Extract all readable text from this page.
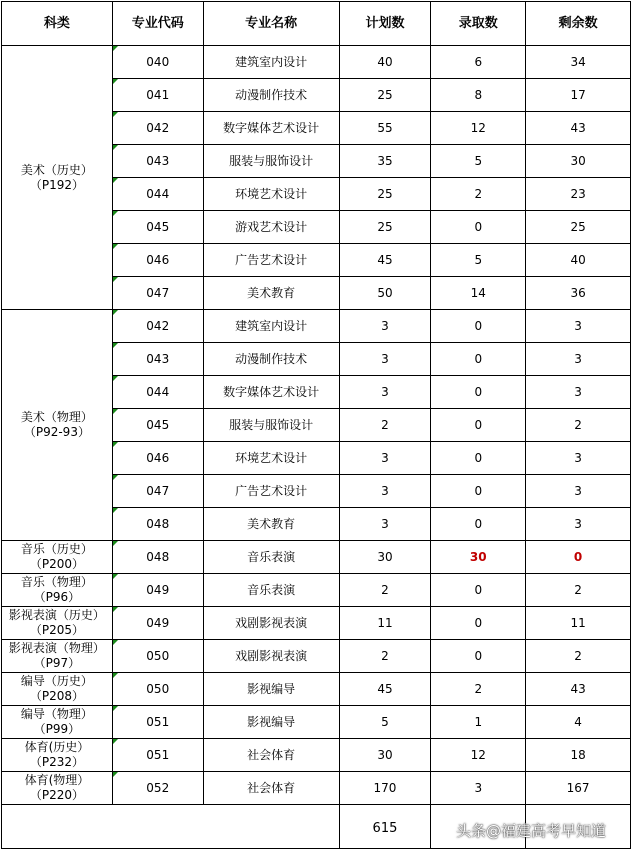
科类	专业代码	专业名称	计划数	录取数	剩余数

美术（历史）
（P192）	040	建筑室内设计	40	6	34
	041	动漫制作技术	25	8	17
	042	数字媒体艺术设计	55	12	43
	043	服装与服饰设计	35	5	30
	044	环境艺术设计	25	2	23
	045	游戏艺术设计	25	0	25
	046	广告艺术设计	45	5	40
	047	美术教育	50	14	36

美术（物理）
（P92-93）	042	建筑室内设计	3	0	3
	043	动漫制作技术	3	0	3
	044	数字媒体艺术设计	3	0	3
	045	服装与服饰设计	2	0	2
	046	环境艺术设计	3	0	3
	047	广告艺术设计	3	0	3
	048	美术教育	3	0	3

音乐（历史）
（P200）	048	音乐表演	30	30	0

音乐（物理）
（P96）	049	音乐表演	2	0	2

影视表演（历史）
（P205）	049	戏剧影视表演	11	0	11

影视表演（物理）
（P97）	050	戏剧影视表演	2	0	2

编导（历史）
（P208）	050	影视编导	45	2	43

编导（物理）
（P99）	051	影视编导	5	1	4

体育(历史）
（P232）	051	社会体育	30	12	18

体育(物理）
（P220）	052	社会体育	170	3	167
			615			头条@福建高考早知道
